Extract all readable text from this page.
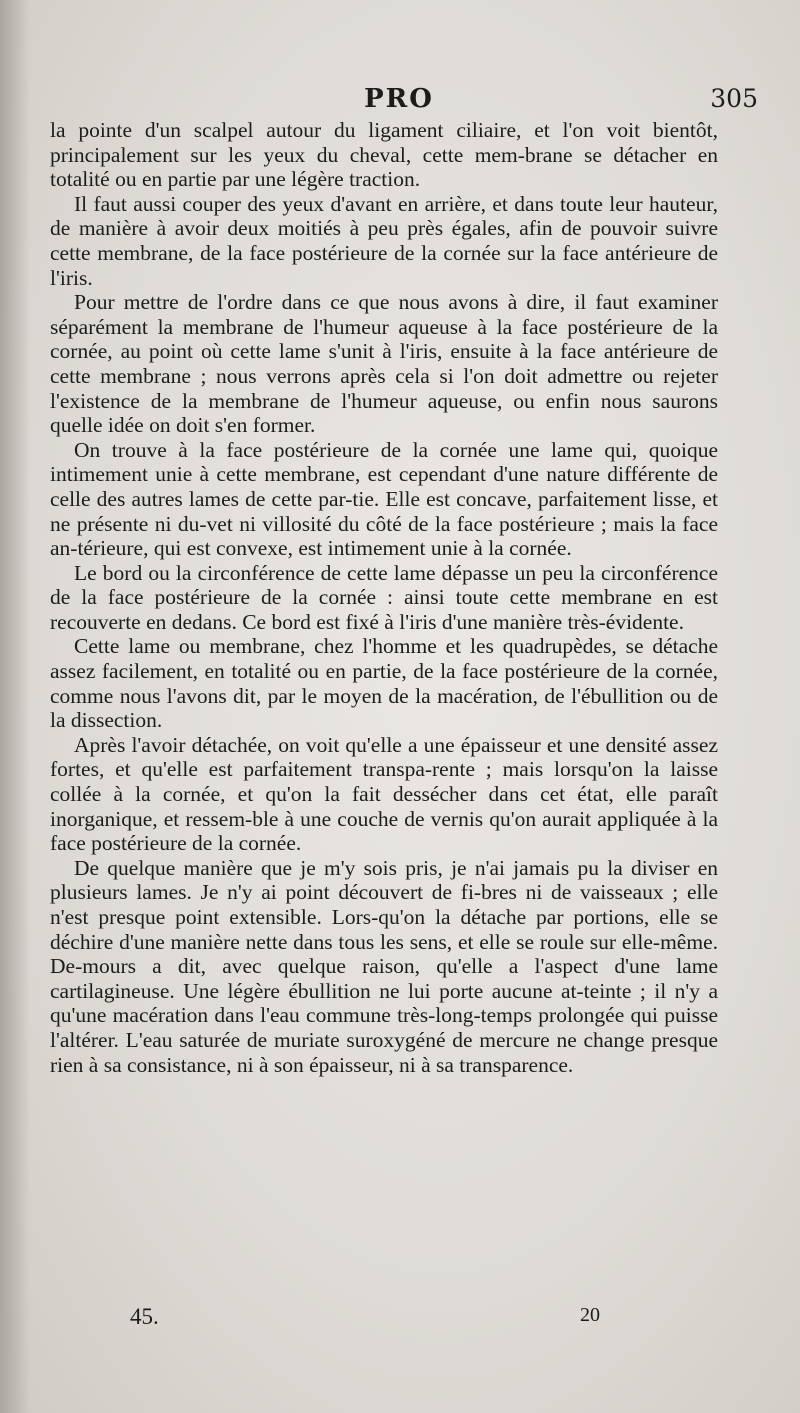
PRO	305

la pointe d'un scalpel autour du ligament ciliaire, et l'on voit bientôt, principalement sur les yeux du cheval, cette mem-brane se détacher en totalité ou en partie par une légère traction.

Il faut aussi couper des yeux d'avant en arrière, et dans toute leur hauteur, de manière à avoir deux moitiés à peu près égales, afin de pouvoir suivre cette membrane, de la face postérieure de la cornée sur la face antérieure de l'iris.

Pour mettre de l'ordre dans ce que nous avons à dire, il faut examiner séparément la membrane de l'humeur aqueuse à la face postérieure de la cornée, au point où cette lame s'unit à l'iris, ensuite à la face antérieure de cette membrane ; nous verrons après cela si l'on doit admettre ou rejeter l'existence de la membrane de l'humeur aqueuse, ou enfin nous saurons quelle idée on doit s'en former.

On trouve à la face postérieure de la cornée une lame qui, quoique intimement unie à cette membrane, est cependant d'une nature différente de celle des autres lames de cette par-tie. Elle est concave, parfaitement lisse, et ne présente ni du-vet ni villosité du côté de la face postérieure ; mais la face an-térieure, qui est convexe, est intimement unie à la cornée.

Le bord ou la circonférence de cette lame dépasse un peu la circonférence de la face postérieure de la cornée : ainsi toute cette membrane en est recouverte en dedans. Ce bord est fixé à l'iris d'une manière très-évidente.

Cette lame ou membrane, chez l'homme et les quadrupèdes, se détache assez facilement, en totalité ou en partie, de la face postérieure de la cornée, comme nous l'avons dit, par le moyen de la macération, de l'ébullition ou de la dissection.

Après l'avoir détachée, on voit qu'elle a une épaisseur et une densité assez fortes, et qu'elle est parfaitement transpa-rente ; mais lorsqu'on la laisse collée à la cornée, et qu'on la fait dessécher dans cet état, elle paraît inorganique, et ressem-ble à une couche de vernis qu'on aurait appliquée à la face postérieure de la cornée.

De quelque manière que je m'y sois pris, je n'ai jamais pu la diviser en plusieurs lames. Je n'y ai point découvert de fi-bres ni de vaisseaux ; elle n'est presque point extensible. Lors-qu'on la détache par portions, elle se déchire d'une manière nette dans tous les sens, et elle se roule sur elle-même. De-mours a dit, avec quelque raison, qu'elle a l'aspect d'une lame cartilagineuse. Une légère ébullition ne lui porte aucune at-teinte ; il n'y a qu'une macération dans l'eau commune très-long-temps prolongée qui puisse l'altérer. L'eau saturée de muriate suroxygéné de mercure ne change presque rien à sa consistance, ni à son épaisseur, ni à sa transparence.

45.	20
